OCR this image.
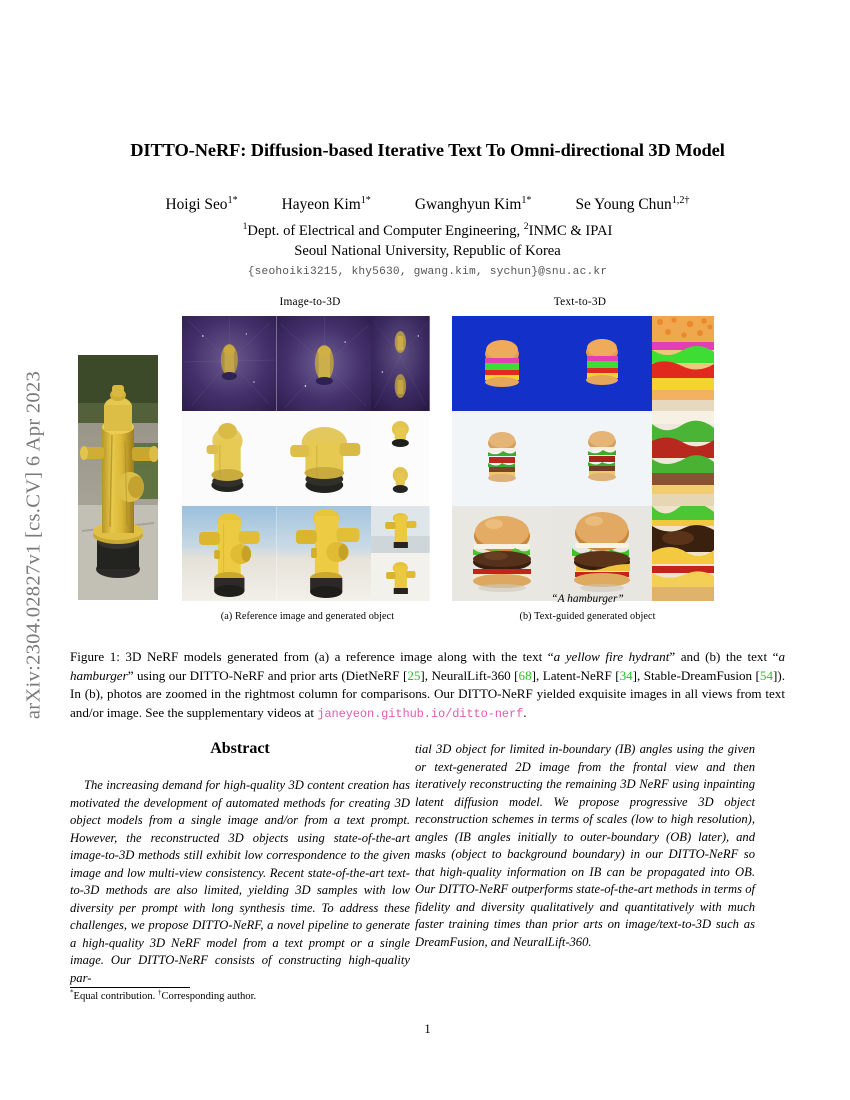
arXiv:2304.02827v1 [cs.CV] 6 Apr 2023
DITTO-NeRF: Diffusion-based Iterative Text To Omni-directional 3D Model
Hoigi Seo$^{1*}$	Hayeon Kim$^{1*}$	Gwanghyun Kim$^{1*}$	Se Young Chun$^{1,2\dagger}$
$^1$Dept. of Electrical and Computer Engineering, $^2$INMC & IPAI
Seoul National University, Republic of Korea
{seohoiki3215, khy5630, gwang.kim, sychun}@snu.ac.kr
Image-to-3D	Text-to-3D
“A hamburger”
(a) Reference image and generated object	(b) Text-guided generated object
Figure 1: 3D NeRF models generated from (a) a reference image along with the text “a yellow fire hydrant” and (b) the text “a hamburger” using our DITTO-NeRF and prior arts (DietNeRF [25], NeuralLift-360 [68], Latent-NeRF [34], Stable-DreamFusion [54]). In (b), photos are zoomed in the rightmost column for comparisons. Our DITTO-NeRF yielded exquisite images in all views from text and/or image. See the supplementary videos at janeyeon.github.io/ditto-nerf.
Abstract

The increasing demand for high-quality 3D content creation has motivated the development of automated methods for creating 3D object models from a single image and/or from a text prompt. However, the reconstructed 3D objects using state-of-the-art image-to-3D methods still exhibit low correspondence to the given image and low multi-view consistency. Recent state-of-the-art text-to-3D methods are also limited, yielding 3D samples with low diversity per prompt with long synthesis time. To address these challenges, we propose DITTO-NeRF, a novel pipeline to generate a high-quality 3D NeRF model from a text prompt or a single image. Our DITTO-NeRF consists of constructing high-quality par-

tial 3D object for limited in-boundary (IB) angles using the given or text-generated 2D image from the frontal view and then iteratively reconstructing the remaining 3D NeRF using inpainting latent diffusion model. We propose progressive 3D object reconstruction schemes in terms of scales (low to high resolution), angles (IB angles initially to outer-boundary (OB) later), and masks (object to background boundary) in our DITTO-NeRF so that high-quality information on IB can be propagated into OB. Our DITTO-NeRF outperforms state-of-the-art methods in terms of fidelity and diversity qualitatively and quantitatively with much faster training times than prior arts on image/text-to-3D such as DreamFusion, and NeuralLift-360.

*Equal contribution. †Corresponding author.
1
